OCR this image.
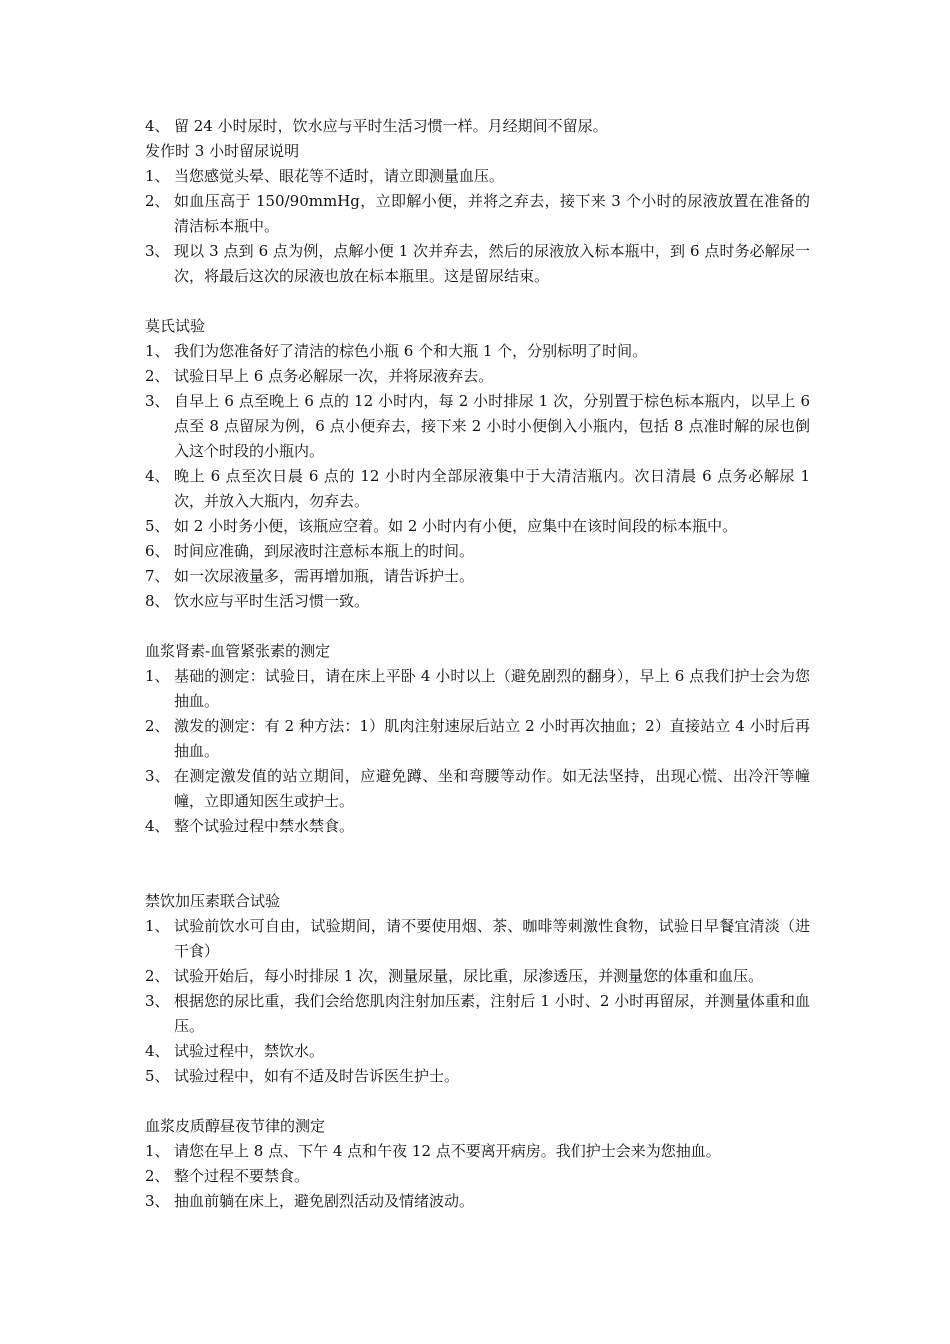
4、 留 24 小时尿时，饮水应与平时生活习惯一样。月经期间不留尿。
发作时 3 小时留尿说明
1、 当您感觉头晕、眼花等不适时，请立即测量血压。
2、 如血压高于 150/90mmHg，立即解小便，并将之弃去，接下来 3 个小时的尿液放置在准备的清洁标本瓶中。
3、 现以 3 点到 6 点为例，点解小便 1 次并弃去，然后的尿液放入标本瓶中，到 6 点时务必解尿一次，将最后这次的尿液也放在标本瓶里。这是留尿结束。
莫氏试验
1、 我们为您准备好了清洁的棕色小瓶 6 个和大瓶 1 个，分别标明了时间。
2、 试验日早上 6 点务必解尿一次，并将尿液弃去。
3、 自早上 6 点至晚上 6 点的 12 小时内，每 2 小时排尿 1 次，分别置于棕色标本瓶内，以早上 6 点至 8 点留尿为例，6 点小便弃去，接下来 2 小时小便倒入小瓶内，包括 8 点准时解的尿也倒入这个时段的小瓶内。
4、 晚上 6 点至次日晨 6 点的 12 小时内全部尿液集中于大清洁瓶内。次日清晨 6 点务必解尿 1 次，并放入大瓶内，勿弃去。
5、 如 2 小时务小便，该瓶应空着。如 2 小时内有小便，应集中在该时间段的标本瓶中。
6、 时间应准确，到尿液时注意标本瓶上的时间。
7、 如一次尿液量多，需再增加瓶，请告诉护士。
8、 饮水应与平时生活习惯一致。
血浆肾素-血管紧张素的测定
1、 基础的测定：试验日，请在床上平卧 4 小时以上（避免剧烈的翻身），早上 6 点我们护士会为您抽血。
2、 激发的测定：有 2 种方法：1）肌肉注射速尿后站立 2 小时再次抽血；2）直接站立 4 小时后再抽血。
3、 在测定激发值的站立期间，应避免蹲、坐和弯腰等动作。如无法坚持，出现心慌、出冷汗等幢幢，立即通知医生或护士。
4、 整个试验过程中禁水禁食。
禁饮加压素联合试验
1、 试验前饮水可自由，试验期间，请不要使用烟、茶、咖啡等刺激性食物，试验日早餐宜清淡（进干食）
2、 试验开始后，每小时排尿 1 次，测量尿量，尿比重，尿渗透压，并测量您的体重和血压。
3、 根据您的尿比重，我们会给您肌肉注射加压素，注射后 1 小时、2 小时再留尿，并测量体重和血压。
4、 试验过程中，禁饮水。
5、 试验过程中，如有不适及时告诉医生护士。
血浆皮质醇昼夜节律的测定
1、 请您在早上 8 点、下午 4 点和午夜 12 点不要离开病房。我们护士会来为您抽血。
2、 整个过程不要禁食。
3、 抽血前躺在床上，避免剧烈活动及情绪波动。
